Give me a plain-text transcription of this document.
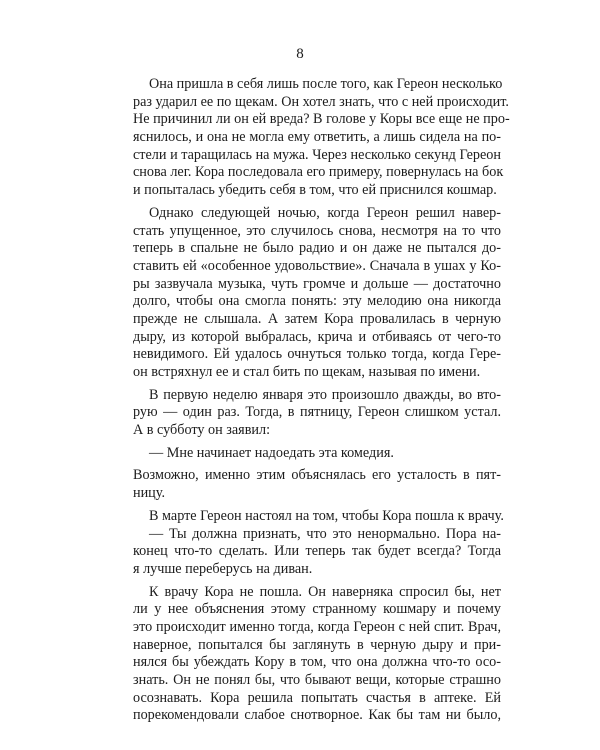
8
Она пришла в себя лишь после того, как Гереон несколько
раз ударил ее по щекам. Он хотел знать, что с ней происходит.
Не причинил ли он ей вреда? В голове у Коры все еще не про-
яснилось, и она не могла ему ответить, а лишь сидела на по-
стели и таращилась на мужа. Через несколько секунд Гереон
снова лег. Кора последовала его примеру, повернулась на бок
и попыталась убедить себя в том, что ей приснился кошмар.
Однако следующей ночью, когда Гереон решил навер-
стать упущенное, это случилось снова, несмотря на то что
теперь в спальне не было радио и он даже не пытался до-
ставить ей «особенное удовольствие». Сначала в ушах у Ко-
ры зазвучала музыка, чуть громче и дольше — достаточно
долго, чтобы она смогла понять: эту мелодию она никогда
прежде не слышала. А затем Кора провалилась в черную
дыру, из которой выбралась, крича и отбиваясь от чего-то
невидимого. Ей удалось очнуться только тогда, когда Гере-
он встряхнул ее и стал бить по щекам, называя по имени.
В первую неделю января это произошло дважды, во вто-
рую — один раз. Тогда, в пятницу, Гереон слишком устал.
А в субботу он заявил:
— Мне начинает надоедать эта комедия.
Возможно, именно этим объяснялась его усталость в пят-
ницу.
В марте Гереон настоял на том, чтобы Кора пошла к врачу.
— Ты должна признать, что это ненормально. Пора на-
конец что-то сделать. Или теперь так будет всегда? Тогда
я лучше переберусь на диван.
К врачу Кора не пошла. Он наверняка спросил бы, нет
ли у нее объяснения этому странному кошмару и почему
это происходит именно тогда, когда Гереон с ней спит. Врач,
наверное, попытался бы заглянуть в черную дыру и при-
нялся бы убеждать Кору в том, что она должна что-то осо-
знать. Он не понял бы, что бывают вещи, которые страшно
осознавать. Кора решила попытать счастья в аптеке. Ей
порекомендовали слабое снотворное. Как бы там ни было,
